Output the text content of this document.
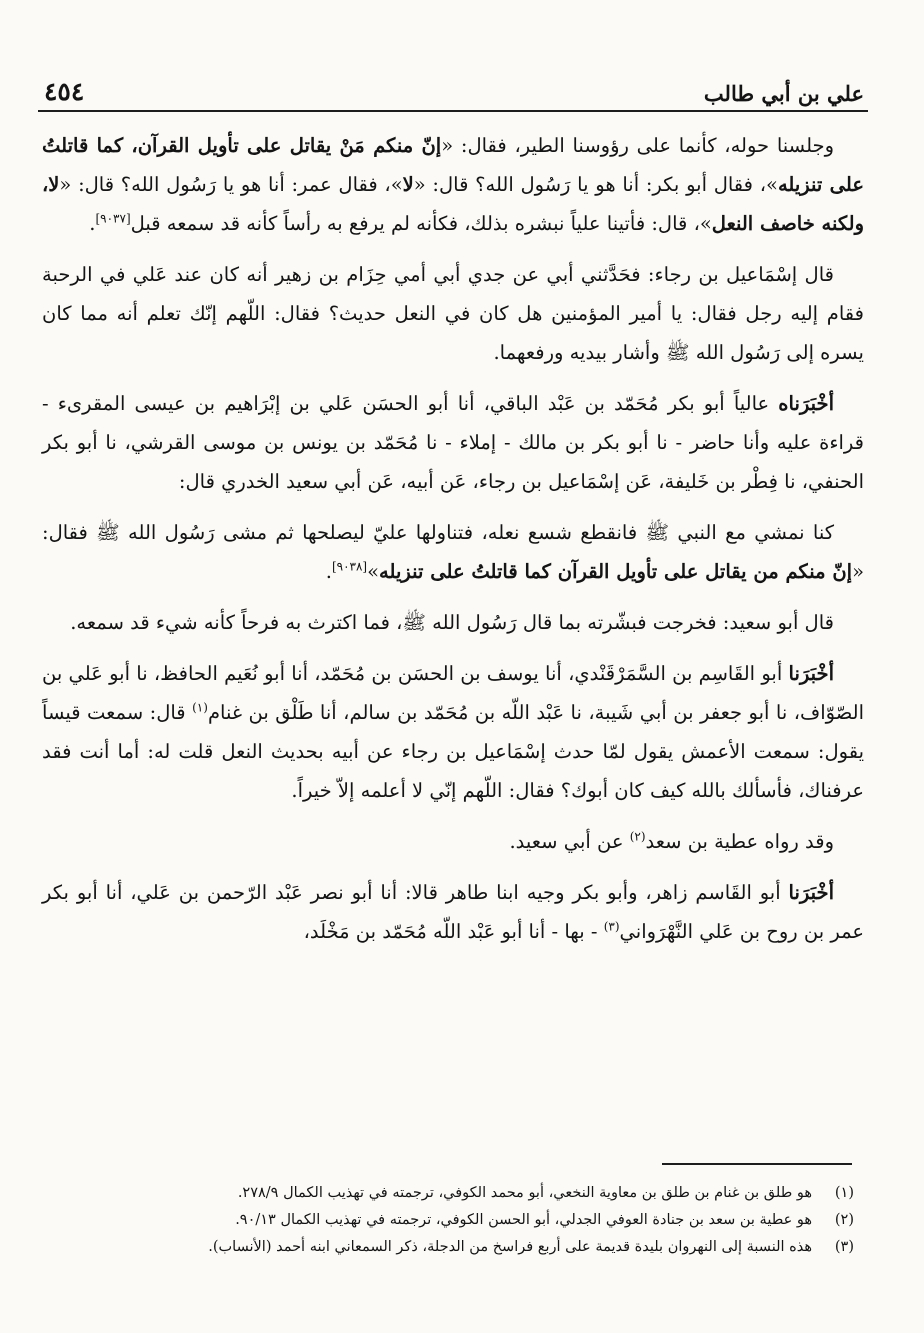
٤٥٤	علي بن أبي طالب

وجلسنا حوله، كأنما على رؤوسنا الطير، فقال: «إنّ منكم مَنْ يقاتل على تأويل القرآن، كما قاتلتُ على تنزيله»، فقال أبو بكر: أنا هو يا رَسُول الله؟ قال: «لا»، فقال عمر: أنا هو يا رَسُول الله؟ قال: «لا، ولكنه خاصف النعل»، قال: فأتينا علياً نبشره بذلك، فكأنه لم يرفع به رأساً كأنه قد سمعه قبل[٩٠٣٧].

قال إسْمَاعيل بن رجاء: فحَدَّثني أبي عن جدي أبي أمي حِزَام بن زهير أنه كان عند عَلي في الرحبة فقام إليه رجل فقال: يا أمير المؤمنين هل كان في النعل حديث؟ فقال: اللّهم إنّك تعلم أنه مما كان يسره إلى رَسُول الله ﷺ وأشار بيديه ورفعهما.

أخْبَرَناه عالياً أبو بكر مُحَمّد بن عَبْد الباقي، أنا أبو الحسَن عَلي بن إبْرَاهيم بن عيسى المقرىء - قراءة عليه وأنا حاضر - نا أبو بكر بن مالك - إملاء - نا مُحَمّد بن يونس بن موسى القرشي، نا أبو بكر الحنفي، نا فِطْر بن خَليفة، عَن إسْمَاعيل بن رجاء، عَن أبيه، عَن أبي سعيد الخدري قال:

كنا نمشي مع النبي ﷺ فانقطع شسع نعله، فتناولها عليّ ليصلحها ثم مشى رَسُول الله ﷺ فقال: «إنّ منكم من يقاتل على تأويل القرآن كما قاتلتُ على تنزيله»[٩٠٣٨].

قال أبو سعيد: فخرجت فبشّرته بما قال رَسُول الله ﷺ، فما اكترث به فرحاً كأنه شيء قد سمعه.

أخْبَرَنا أبو القَاسِم بن السَّمَرْقَنْدي، أنا يوسف بن الحسَن بن مُحَمّد، أنا أبو نُعَيم الحافظ، نا أبو عَلي بن الصّوّاف، نا أبو جعفر بن أبي شَيبة، نا عَبْد اللّه بن مُحَمّد بن سالم، أنا طَلْق بن غنام$^{(١)}$ قال: سمعت قيساً يقول: سمعت الأعمش يقول لمّا حدث إسْمَاعيل بن رجاء عن أبيه بحديث النعل قلت له: أما أنت فقد عرفناك، فأسألك بالله كيف كان أبوك؟ فقال: اللّهم إنّي لا أعلمه إلاّ خيراً.

وقد رواه عطية بن سعد$^{(٢)}$ عن أبي سعيد.

أخْبَرَنا أبو القَاسم زاهر، وأبو بكر وجيه ابنا طاهر قالا: أنا أبو نصر عَبْد الرّحمن بن عَلي، أنا أبو بكر عمر بن روح بن عَلي النَّهْرَواني$^{(٣)}$ - بها - أنا أبو عَبْد اللّه مُحَمّد بن مَخْلَد،

(١)
هو طلق بن غنام بن طلق بن معاوية النخعي، أبو محمد الكوفي، ترجمته في تهذيب الكمال ٢٧٨/٩.
(٢)
هو عطية بن سعد بن جنادة العوفي الجدلي، أبو الحسن الكوفي، ترجمته في تهذيب الكمال ٩٠/١٣.
(٣)
هذه النسبة إلى النهروان بليدة قديمة على أربع فراسخ من الدجلة، ذكر السمعاني ابنه أحمد (الأنساب).
